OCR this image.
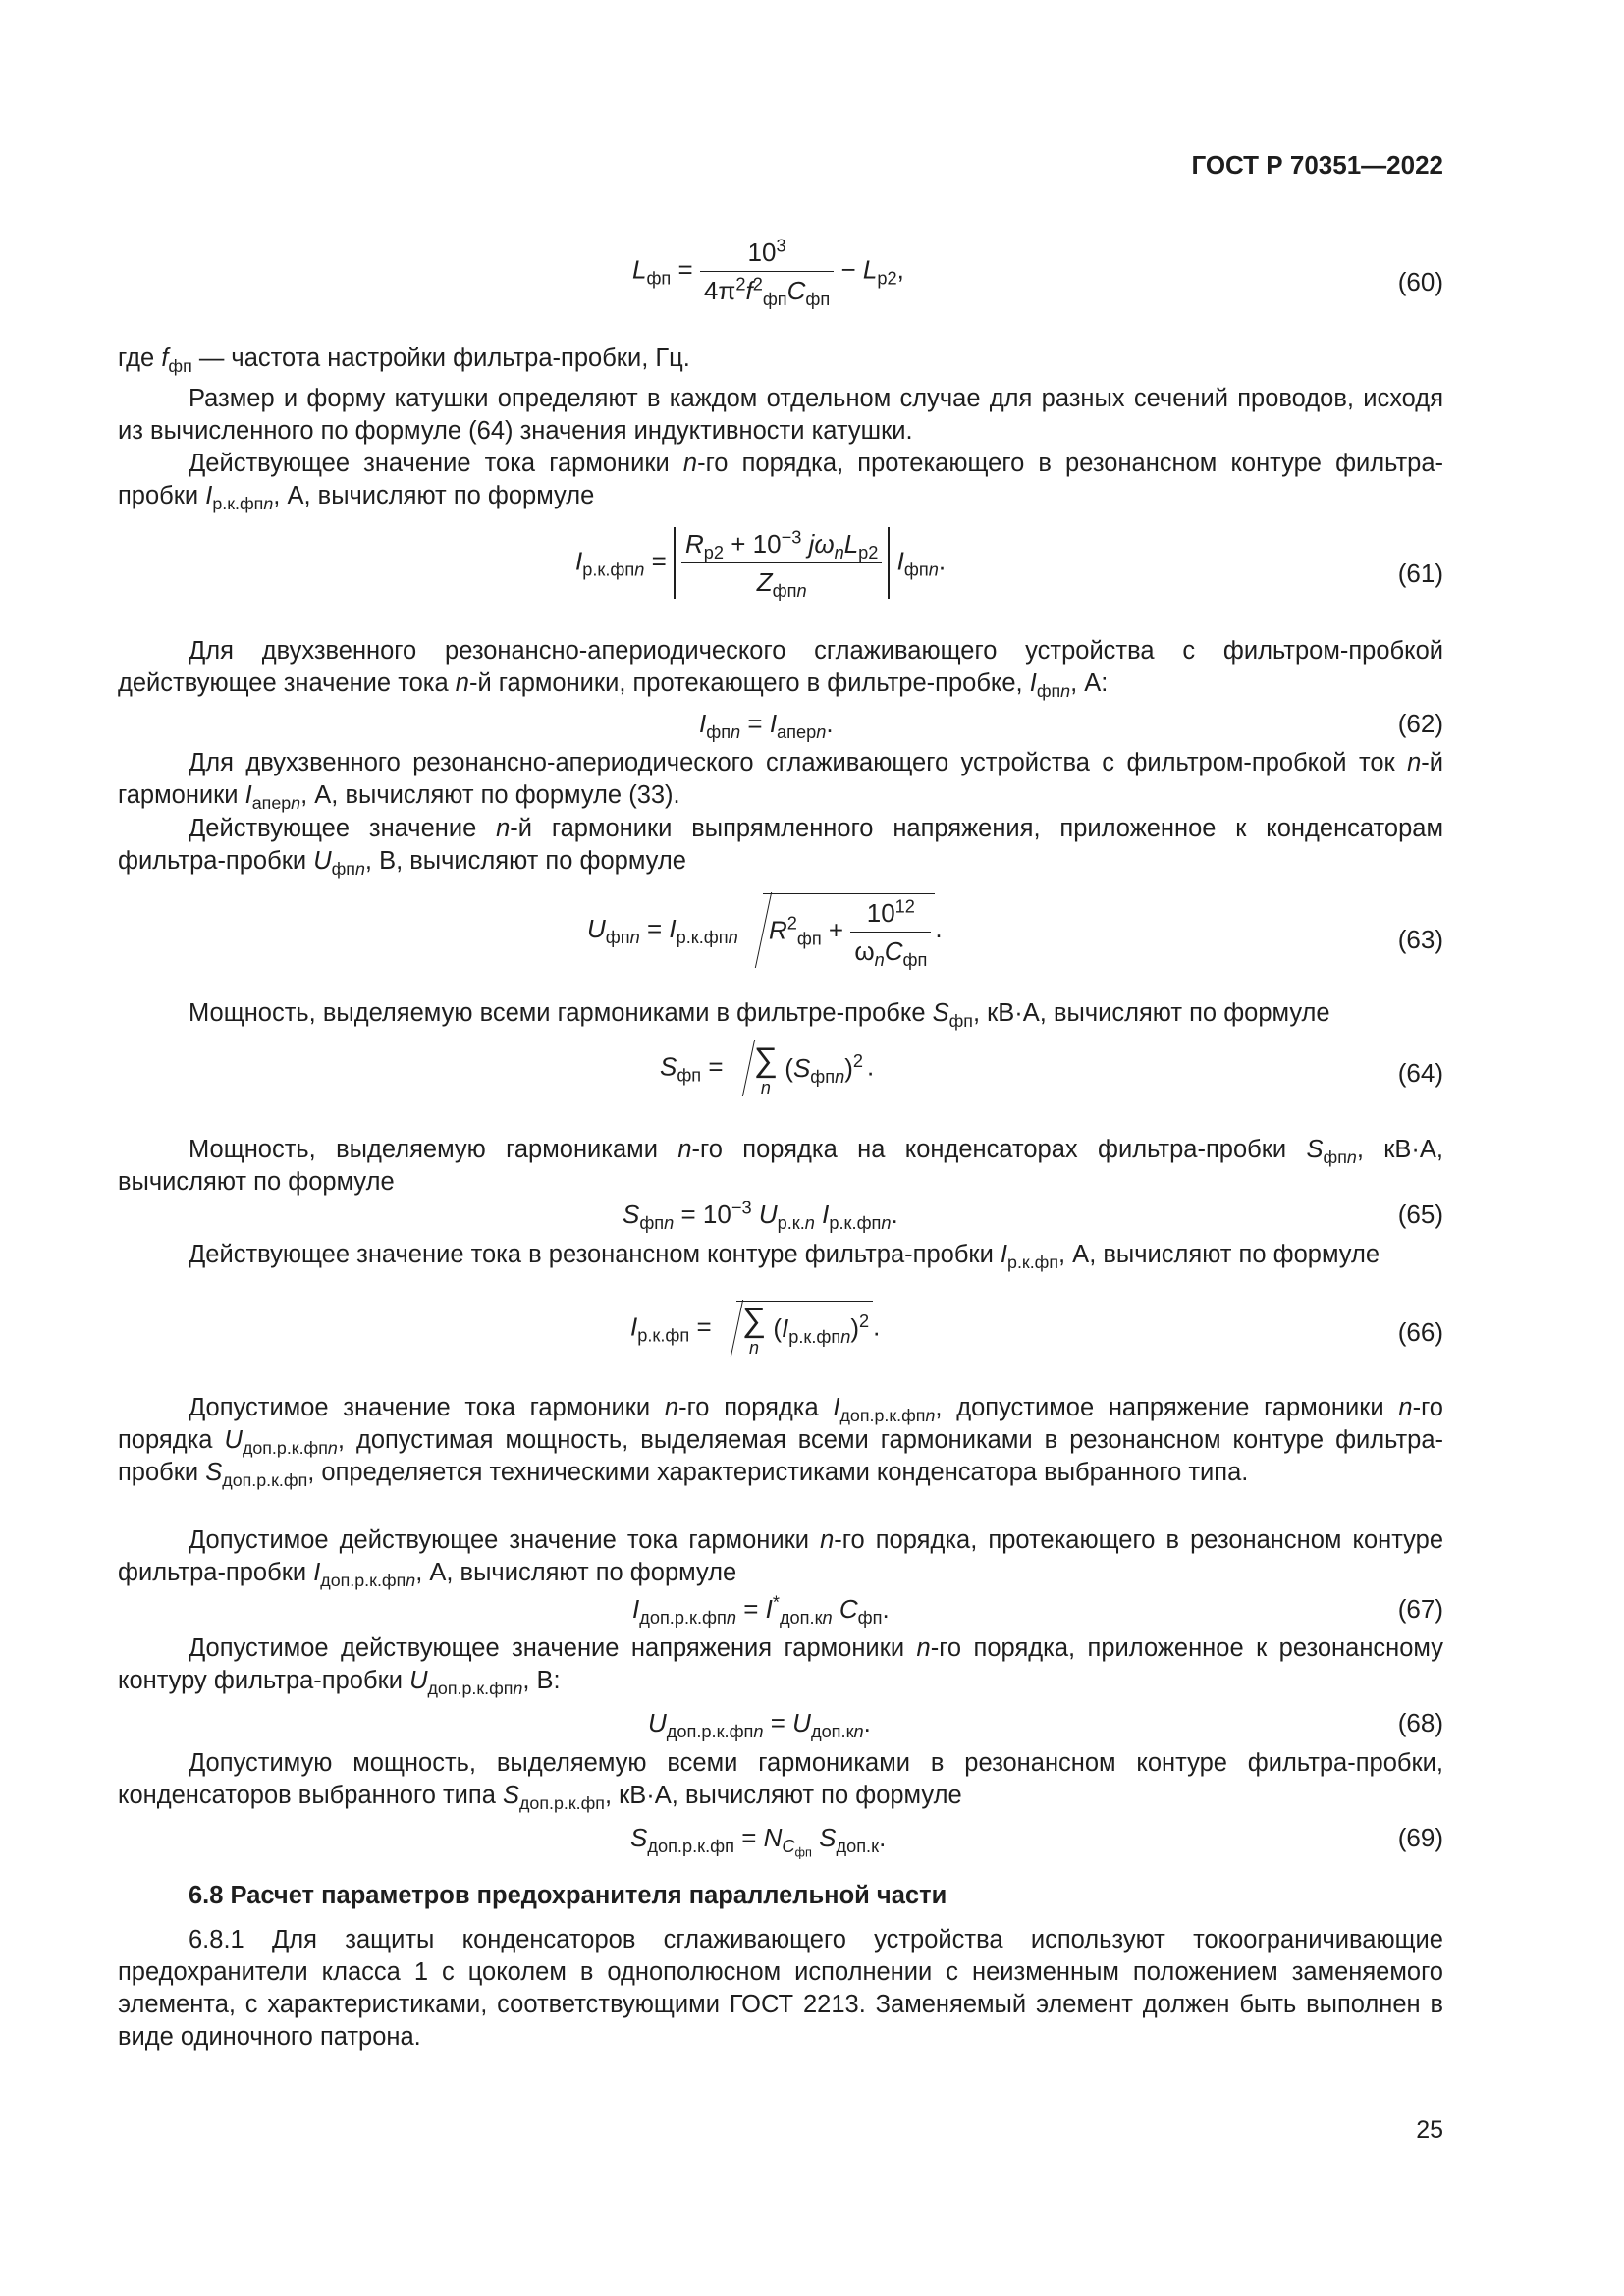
ГОСТ Р 70351—2022
$L_{фп} = \frac{10^3}{4\pi^2f^2_{фп}C_{фп}} - L_{р2}$,	(60)

где $f_{фп}$ — частота настройки фильтра-пробки, Гц.

Размер и форму катушки определяют в каждом отдельном случае для разных сечений проводов, исходя из вычисленного по формуле (64) значения индуктивности катушки.

Действующее значение тока гармоники n-го порядка, протекающего в резонансном контуре фильтра-пробки $I_{р.к.фпn}$, А, вычисляют по формуле

$I_{р.к.фпn} = \frac{R_{р2} + 10^{-3} j\omega_nL_{р2}}{Z_{фпn}} I_{фпn}$.	(61)

Для двухзвенного резонансно-апериодического сглаживающего устройства с фильтром-пробкой действующее значение тока n-й гармоники, протекающего в фильтре-пробке, $I_{фпn}$, А:

$I_{фпn} = I_{аперn}$.	(62)

Для двухзвенного резонансно-апериодического сглаживающего устройства с фильтром-пробкой ток n-й гармоники $I_{аперn}$, А, вычисляют по формуле (33).

Действующее значение n-й гармоники выпрямленного напряжения, приложенное к конденсаторам фильтра-пробки $U_{фпn}$, В, вычисляют по формуле

$U_{фпn} = I_{р.к.фпn}$ $R^2_{фп} + \frac{10^{12}}{\omega_nC_{фп}}$ .	(63)

Мощность, выделяемую всеми гармониками в фильтре-пробке $S_{фп}$, кВ·А, вычисляют по формуле

$S_{фп}$ = ∑
n
$(S_{фпn})^2$ .	(64)

Мощность, выделяемую гармониками n-го порядка на конденсаторах фильтра-пробки $S_{фпn}$, кВ·А, вычисляют по формуле

$S_{фпn} = 10^{-3}$ $U_{р.к.n}$ $I_{р.к.фпn}$.	(65)

Действующее значение тока в резонансном контуре фильтра-пробки $I_{р.к.фп}$, А, вычисляют по формуле

$I_{р.к.фп}$ = ∑
n
$(I_{р.к.фпn})^2$ .	(66)

Допустимое значение тока гармоники n-го порядка $I_{доп.р.к.фпn}$, допустимое напряжение гармоники n-го порядка $U_{доп.р.к.фпn}$, допустимая мощность, выделяемая всеми гармониками в резонансном контуре фильтра-пробки $S_{доп.р.к.фп}$, определяется техническими характеристиками конденсатора выбранного типа.

Допустимое действующее значение тока гармоники n-го порядка, протекающего в резонансном контуре фильтра-пробки $I_{доп.р.к.фпn}$, А, вычисляют по формуле

$I_{доп.р.к.фпn} = I^*_{доп.кn}$ $C_{фп}$.	(67)

Допустимое действующее значение напряжения гармоники n-го порядка, приложенное к резонансному контуру фильтра-пробки $U_{доп.р.к.фпn}$, В:

$U_{доп.р.к.фпn} = U_{доп.кn}$.	(68)

Допустимую мощность, выделяемую всеми гармониками в резонансном контуре фильтра-пробки, конденсаторов выбранного типа $S_{доп.р.к.фп}$, кВ·А, вычисляют по формуле

$S_{доп.р.к.фп} = N_{C_{фп}}$ $S_{доп.к}$.	(69)
6.8 Расчет параметров предохранителя параллельной части

6.8.1 Для защиты конденсаторов сглаживающего устройства используют токоограничивающие предохранители класса 1 с цоколем в однополюсном исполнении с неизменным положением заменяемого элемента, с характеристиками, соответствующими ГОСТ 2213. Заменяемый элемент должен быть выполнен в виде одиночного патрона.

25
